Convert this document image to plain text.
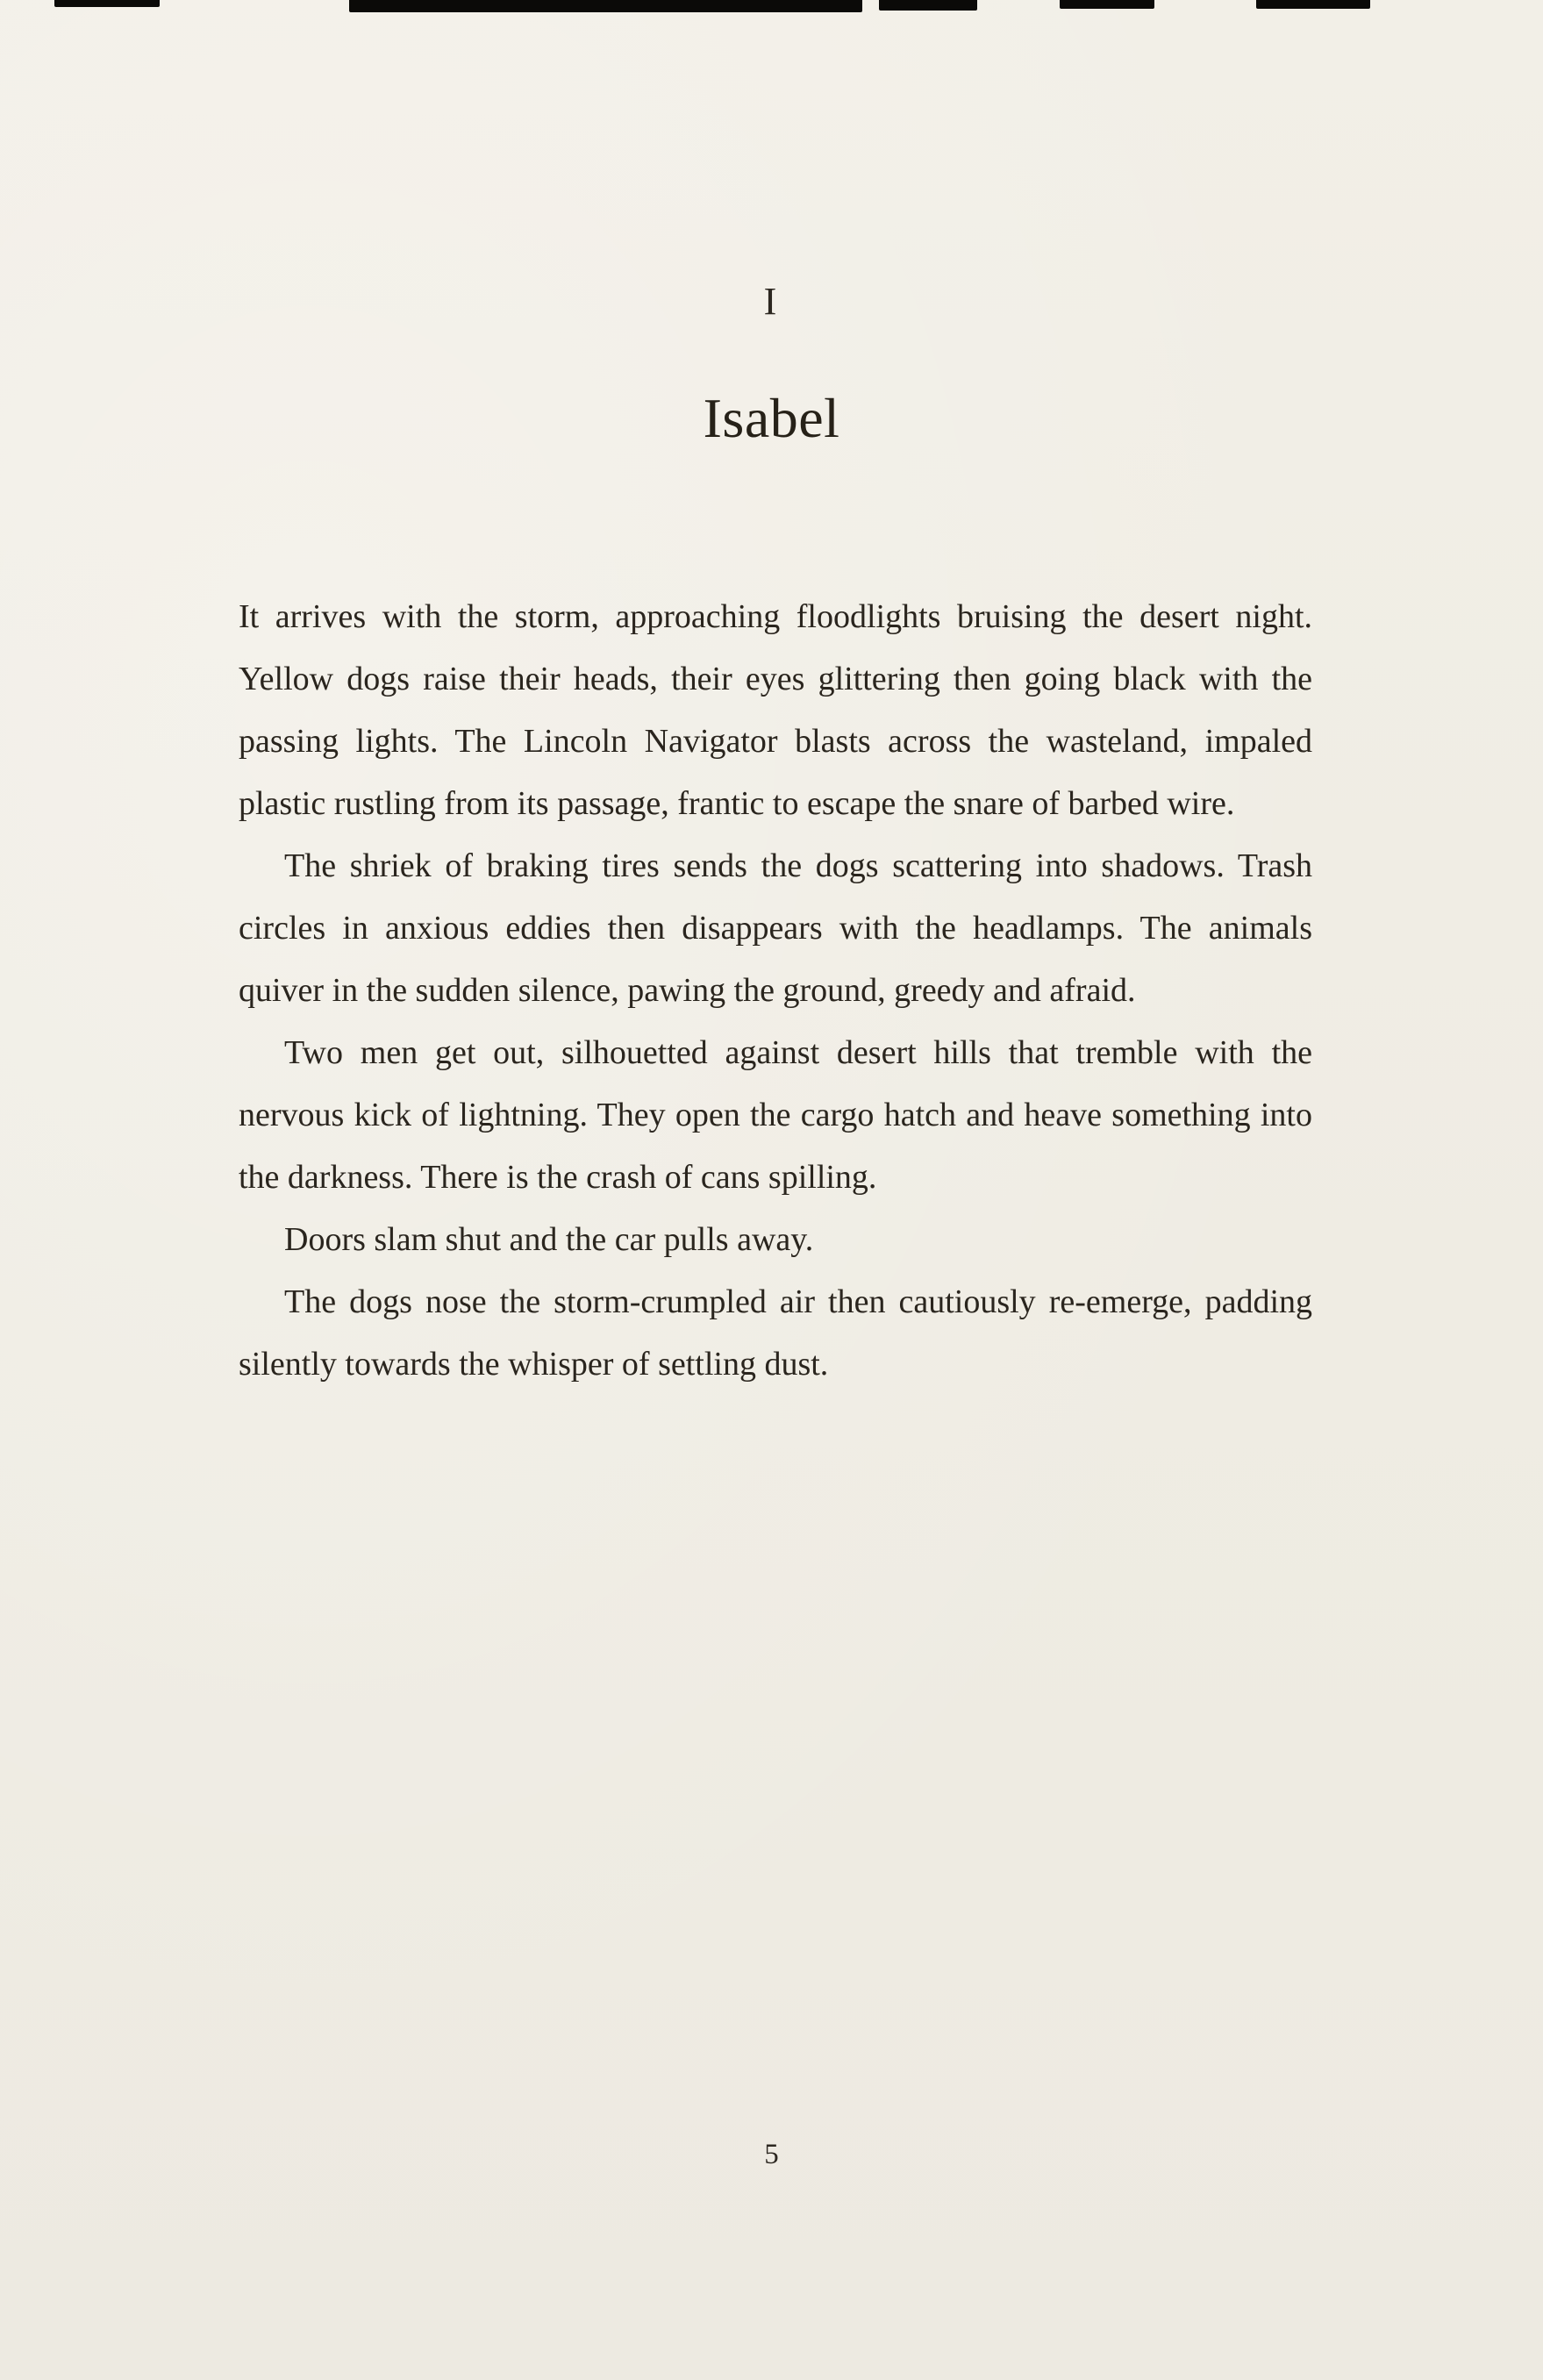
I
Isabel

It arrives with the storm, approaching floodlights bruising the desert night. Yellow dogs raise their heads, their eyes glittering then going black with the passing lights. The Lincoln Navigator blasts across the wasteland, impaled plastic rustling from its passage, frantic to escape the snare of barbed wire.

The shriek of braking tires sends the dogs scattering into shadows. Trash circles in anxious eddies then disappears with the headlamps. The animals quiver in the sudden silence, pawing the ground, greedy and afraid.

Two men get out, silhouetted against desert hills that tremble with the nervous kick of lightning. They open the cargo hatch and heave something into the darkness. There is the crash of cans spilling.

Doors slam shut and the car pulls away.

The dogs nose the storm-crumpled air then cautiously re-emerge, padding silently towards the whisper of settling dust.

5
